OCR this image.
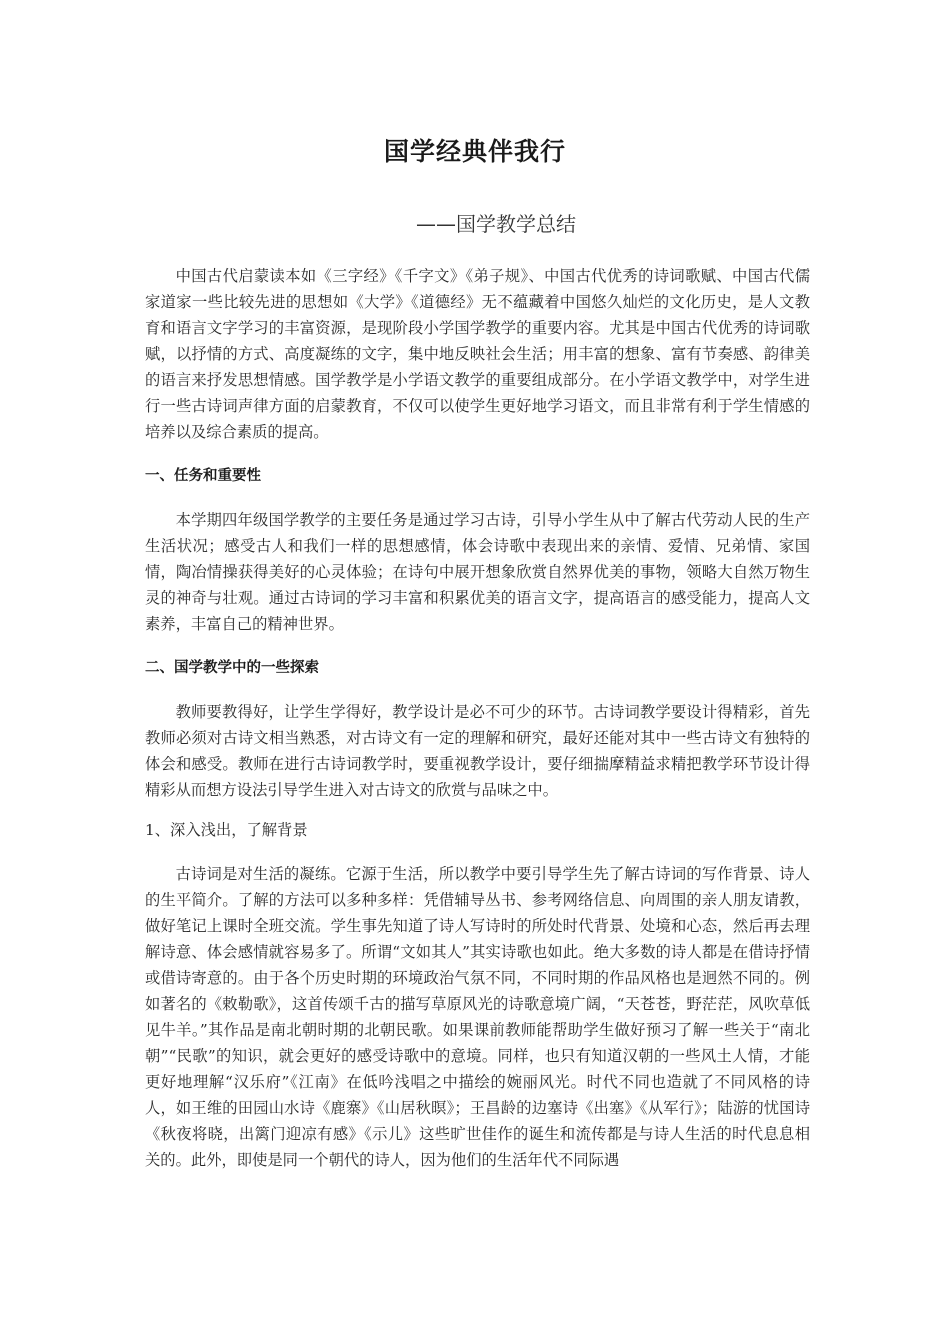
国学经典伴我行
——国学教学总结

中国古代启蒙读本如《三字经》《千字文》《弟子规》、中国古代优秀的诗词歌赋、中国古代儒家道家一些比较先进的思想如《大学》《道德经》无不蕴藏着中国悠久灿烂的文化历史，是人文教育和语言文字学习的丰富资源，是现阶段小学国学教学的重要内容。尤其是中国古代优秀的诗词歌赋，以抒情的方式、高度凝练的文字，集中地反映社会生活；用丰富的想象、富有节奏感、韵律美的语言来抒发思想情感。国学教学是小学语文教学的重要组成部分。在小学语文教学中，对学生进行一些古诗词声律方面的启蒙教育，不仅可以使学生更好地学习语文，而且非常有利于学生情感的培养以及综合素质的提高。

一、任务和重要性

本学期四年级国学教学的主要任务是通过学习古诗，引导小学生从中了解古代劳动人民的生产生活状况；感受古人和我们一样的思想感情，体会诗歌中表现出来的亲情、爱情、兄弟情、家国情，陶冶情操获得美好的心灵体验；在诗句中展开想象欣赏自然界优美的事物，领略大自然万物生灵的神奇与壮观。通过古诗词的学习丰富和积累优美的语言文字，提高语言的感受能力，提高人文素养，丰富自己的精神世界。

二、国学教学中的一些探索

教师要教得好，让学生学得好，教学设计是必不可少的环节。古诗词教学要设计得精彩，首先教师必须对古诗文相当熟悉，对古诗文有一定的理解和研究，最好还能对其中一些古诗文有独特的体会和感受。教师在进行古诗词教学时，要重视教学设计，要仔细揣摩精益求精把教学环节设计得精彩从而想方设法引导学生进入对古诗文的欣赏与品味之中。

1、深入浅出，了解背景

古诗词是对生活的凝练。它源于生活，所以教学中要引导学生先了解古诗词的写作背景、诗人的生平简介。了解的方法可以多种多样：凭借辅导丛书、参考网络信息、向周围的亲人朋友请教，做好笔记上课时全班交流。学生事先知道了诗人写诗时的所处时代背景、处境和心态，然后再去理解诗意、体会感情就容易多了。所谓“文如其人”其实诗歌也如此。绝大多数的诗人都是在借诗抒情或借诗寄意的。由于各个历史时期的环境政治气氛不同，不同时期的作品风格也是迥然不同的。例如著名的《敕勒歌》，这首传颂千古的描写草原风光的诗歌意境广阔，“天苍苍，野茫茫，风吹草低见牛羊。”其作品是南北朝时期的北朝民歌。如果课前教师能帮助学生做好预习了解一些关于“南北朝”“民歌”的知识，就会更好的感受诗歌中的意境。同样，也只有知道汉朝的一些风土人情，才能更好地理解“汉乐府”《江南》在低吟浅唱之中描绘的婉丽风光。时代不同也造就了不同风格的诗人，如王维的田园山水诗《鹿寨》《山居秋暝》；王昌龄的边塞诗《出塞》《从军行》；陆游的忧国诗《秋夜将晓，出篱门迎凉有感》《示儿》这些旷世佳作的诞生和流传都是与诗人生活的时代息息相关的。此外，即使是同一个朝代的诗人，因为他们的生活年代不同际遇
